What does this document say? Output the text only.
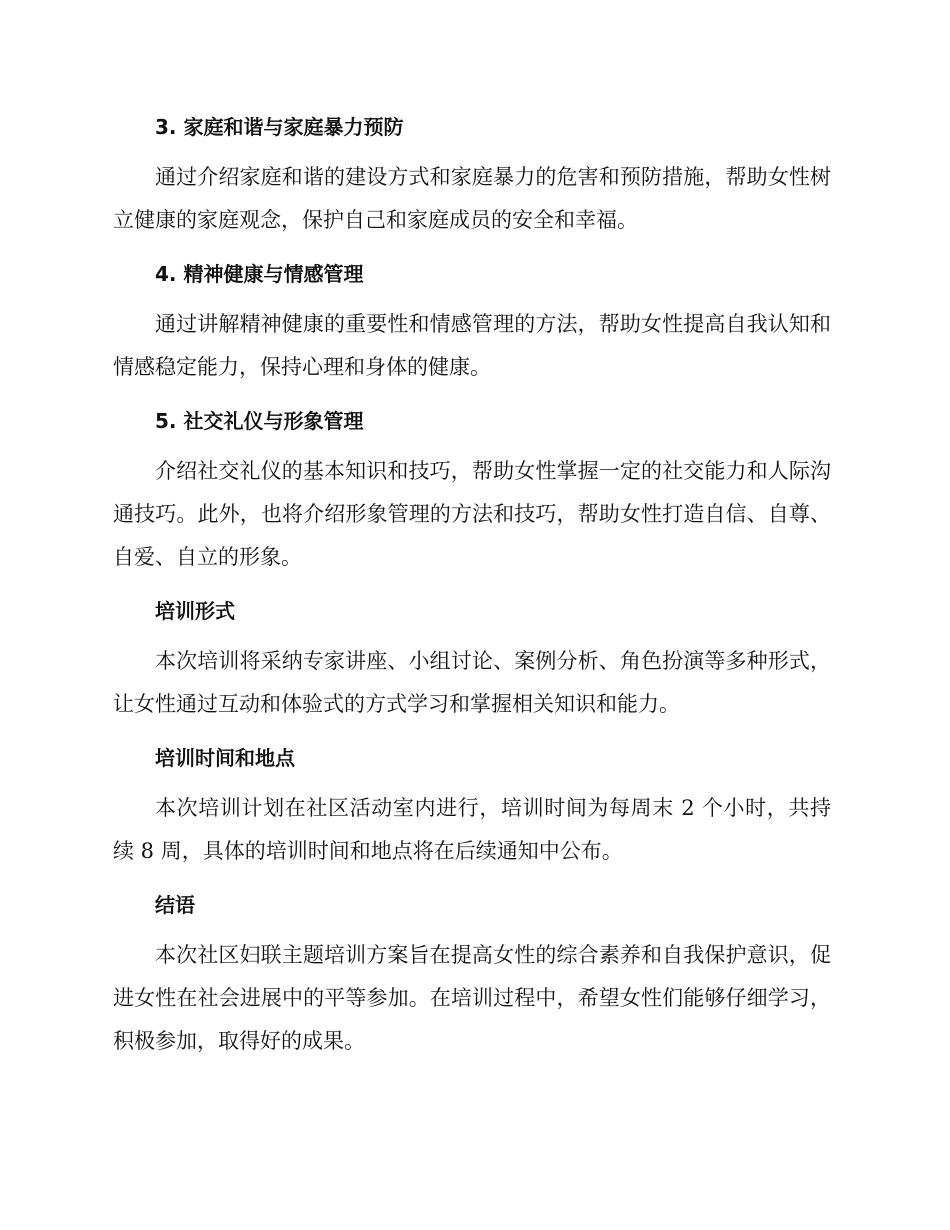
3. 家庭和谐与家庭暴力预防

通过介绍家庭和谐的建设方式和家庭暴力的危害和预防措施，帮助女性树立健康的家庭观念，保护自己和家庭成员的安全和幸福。

4. 精神健康与情感管理

通过讲解精神健康的重要性和情感管理的方法，帮助女性提高自我认知和情感稳定能力，保持心理和身体的健康。

5. 社交礼仪与形象管理

介绍社交礼仪的基本知识和技巧，帮助女性掌握一定的社交能力和人际沟通技巧。此外，也将介绍形象管理的方法和技巧，帮助女性打造自信、自尊、自爱、自立的形象。

培训形式

本次培训将采纳专家讲座、小组讨论、案例分析、角色扮演等多种形式，让女性通过互动和体验式的方式学习和掌握相关知识和能力。

培训时间和地点

本次培训计划在社区活动室内进行，培训时间为每周末 2 个小时，共持续 8 周，具体的培训时间和地点将在后续通知中公布。

结语

本次社区妇联主题培训方案旨在提高女性的综合素养和自我保护意识，促进女性在社会进展中的平等参加。在培训过程中，希望女性们能够仔细学习，积极参加，取得好的成果。
